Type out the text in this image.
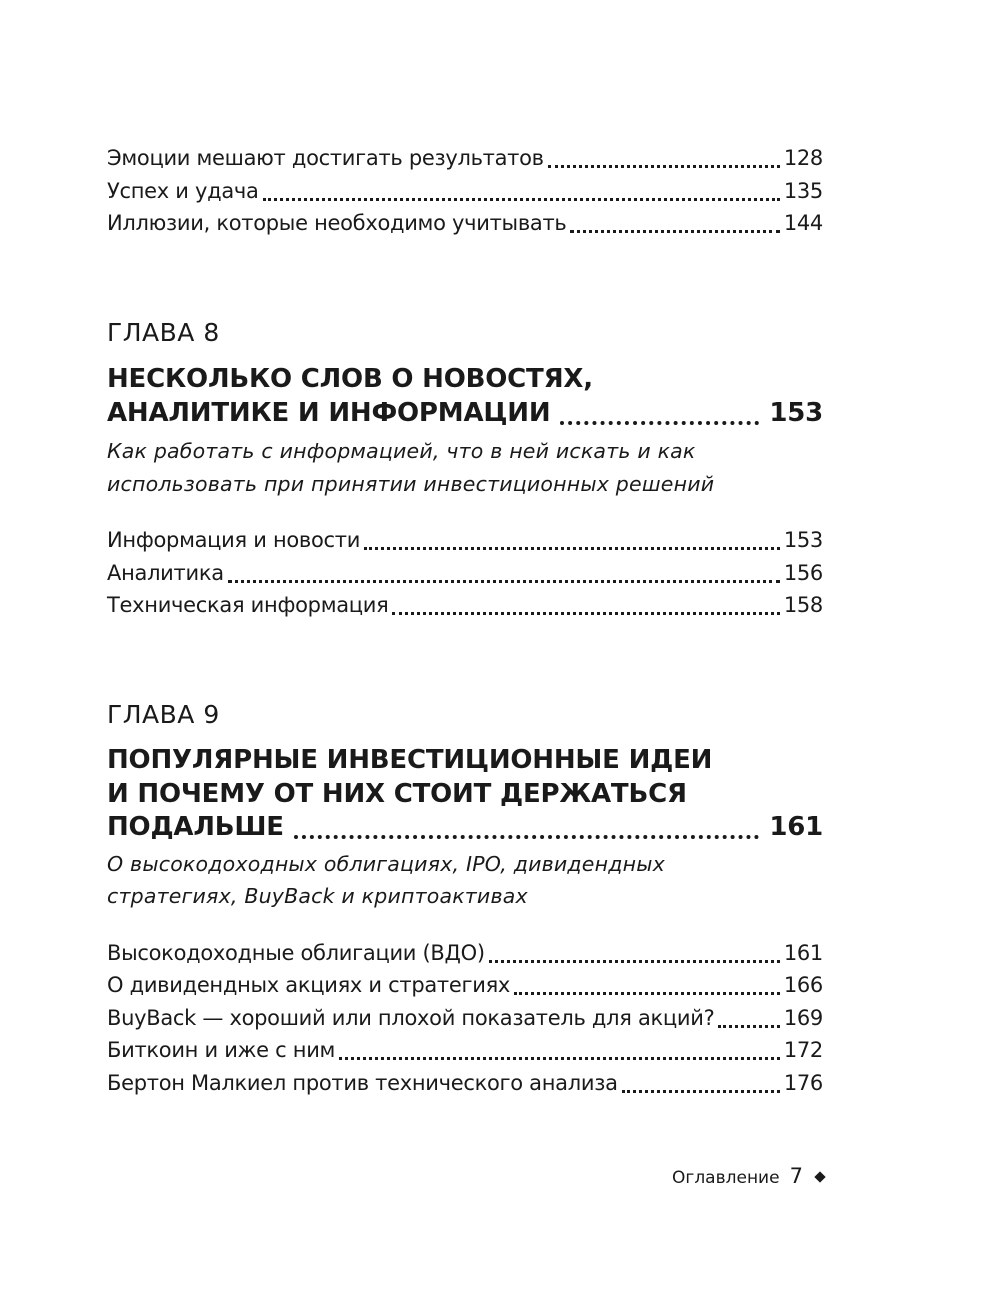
Эмоции мешают достигать результатов	128
Успех и удача	135
Иллюзии, которые необходимо учитывать	144
ГЛАВА 8
НЕСКОЛЬКО СЛОВ О НОВОСТЯХ,
АНАЛИТИКЕ И ИНФОРМАЦИИ	153
Как работать с информацией, что в ней искать и как
использовать при принятии инвестиционных решений
Информация и новости	153
Аналитика	156
Техническая информация	158
ГЛАВА 9
ПОПУЛЯРНЫЕ ИНВЕСТИЦИОННЫЕ ИДЕИ
И ПОЧЕМУ ОТ НИХ СТОИТ ДЕРЖАТЬСЯ
ПОДАЛЬШЕ	161
О высокодоходных облигациях, IPO, дивидендных
стратегиях, BuyBack и криптоактивах
Высокодоходные облигации (ВДО)	161
О дивидендных акциях и стратегиях	166
BuyBack — хороший или плохой показатель для акций?	169
Биткоин и иже с ним	172
Бертон Малкиел против технического анализа	176
Оглавление 7
